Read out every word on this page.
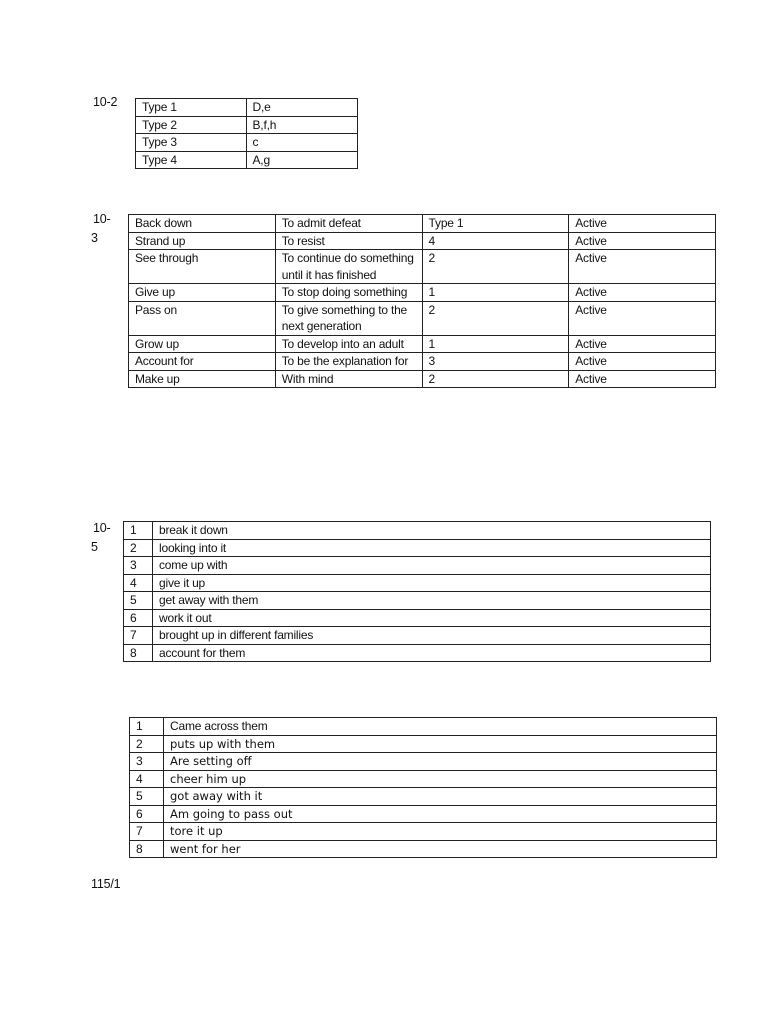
10-2
10-
3
10-
5
115/1
Type 1	D,e
Type 2	B,f,h
Type 3	c
Type 4	A,g
Back down	To admit defeat	Type 1	Active
Strand up	To resist	4	Active
See through	To continue do something until it has finished	2	Active
Give up	To stop doing something	1	Active
Pass on	To give something to the next generation	2	Active
Grow up	To develop into an adult	1	Active
Account for	To be the explanation for	3	Active
Make up	With mind	2	Active
1	break it down
2	looking into it
3	come up with
4	give it up
5	get away with them
6	work it out
7	brought up in different families
8	account for them
1	Came across them
2	puts up with them
3	Are setting off
4	cheer him up
5	got away with it
6	Am going to pass out
7	tore it up
8	went for her
